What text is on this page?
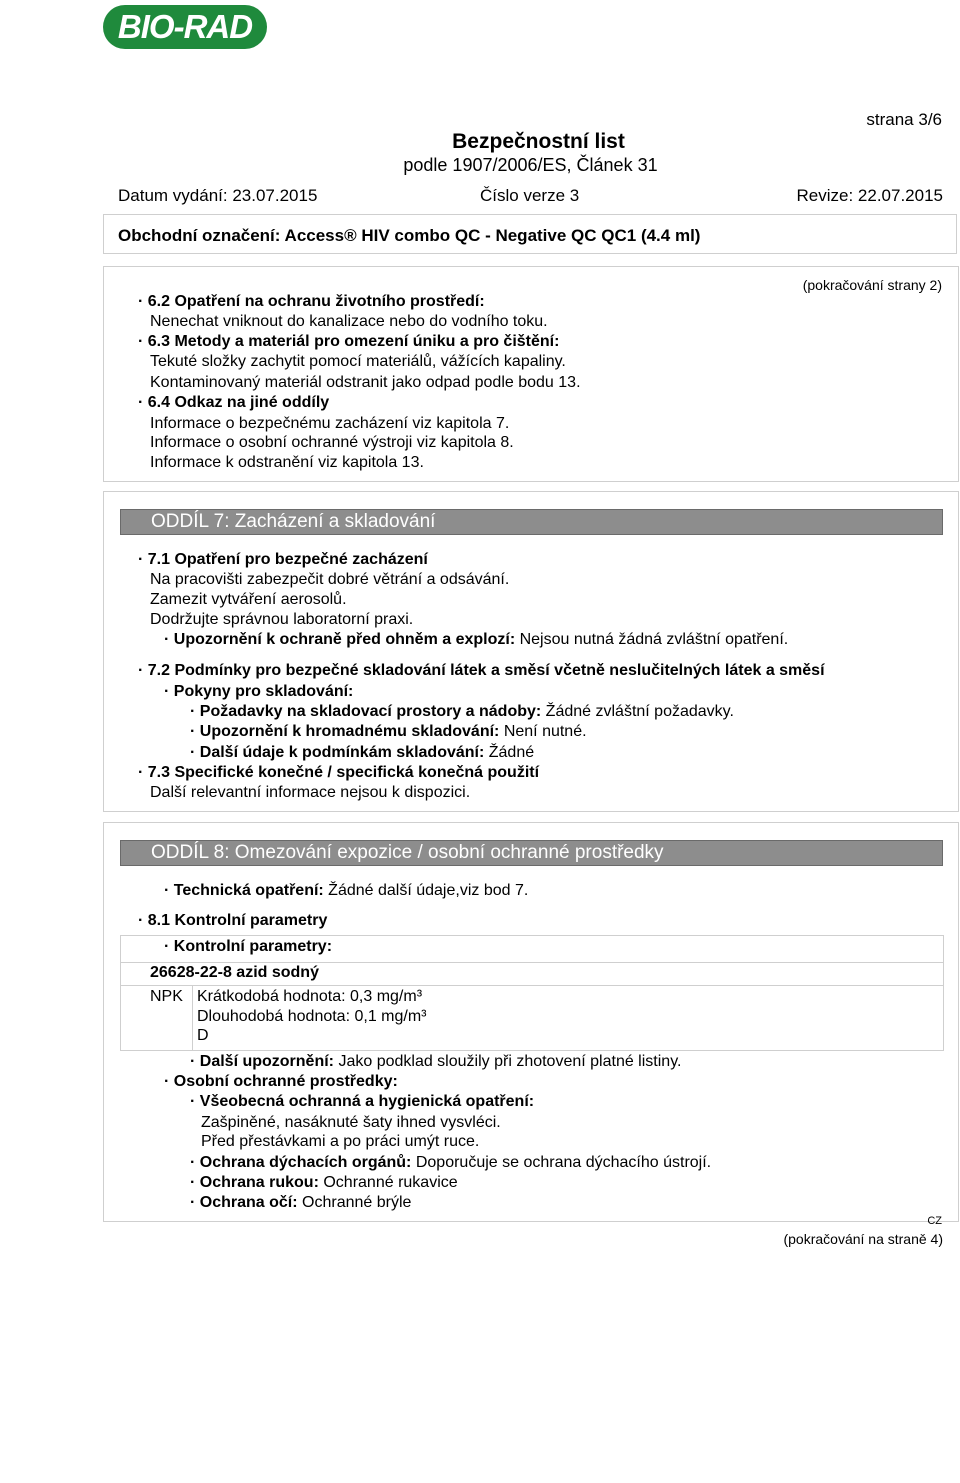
BIO-RAD
strana 3/6
Bezpečnostní list
podle 1907/2006/ES, Článek 31
Datum vydání: 23.07.2015	Číslo verze 3	Revize: 22.07.2015
Obchodní označení: Access® HIV combo QC - Negative QC QC1 (4.4 ml)
(pokračování strany 2)
· 6.2 Opatření na ochranu životního prostředí:
Nenechat vniknout do kanalizace nebo do vodního toku.
· 6.3 Metody a materiál pro omezení úniku a pro čištění:
Tekuté složky zachytit pomocí materiálů, vážících kapaliny.
Kontaminovaný materiál odstranit jako odpad podle bodu 13.
· 6.4 Odkaz na jiné oddíly
Informace o bezpečnému zacházení viz kapitola 7.
Informace o osobní ochranné výstroji viz kapitola 8.
Informace k odstranění viz kapitola 13.
ODDÍL 7: Zacházení a skladování
· 7.1 Opatření pro bezpečné zacházení
Na pracovišti zabezpečit dobré větrání a odsávání.
Zamezit vytváření aerosolů.
Dodržujte správnou laboratorní praxi.
· Upozornění k ochraně před ohněm a explozí: Nejsou nutná žádná zvláštní opatření.
· 7.2 Podmínky pro bezpečné skladování látek a směsí včetně neslučitelných látek a směsí
· Pokyny pro skladování:
· Požadavky na skladovací prostory a nádoby: Žádné zvláštní požadavky.
· Upozornění k hromadnému skladování: Není nutné.
· Další údaje k podmínkám skladování: Žádné
· 7.3 Specifické konečné / specifická konečná použití
Další relevantní informace nejsou k dispozici.
ODDÍL 8: Omezování expozice / osobní ochranné prostředky
· Technická opatření: Žádné další údaje,viz bod 7.
· 8.1 Kontrolní parametry
· Kontrolní parametry:
26628-22-8 azid sodný
NPK Krátkodobá hodnota: 0,3 mg/m³
Dlouhodobá hodnota: 0,1 mg/m³
D
· Další upozornění: Jako podklad sloužily při zhotovení platné listiny.
· Osobní ochranné prostředky:
· Všeobecná ochranná a hygienická opatření:
Zašpiněné, nasáknuté šaty ihned vysvléci.
Před přestávkami a po práci umýt ruce.
· Ochrana dýchacích orgánů: Doporučuje se ochrana dýchacího ústrojí.
· Ochrana rukou: Ochranné rukavice
· Ochrana očí: Ochranné brýle
CZ
(pokračování na straně 4)
